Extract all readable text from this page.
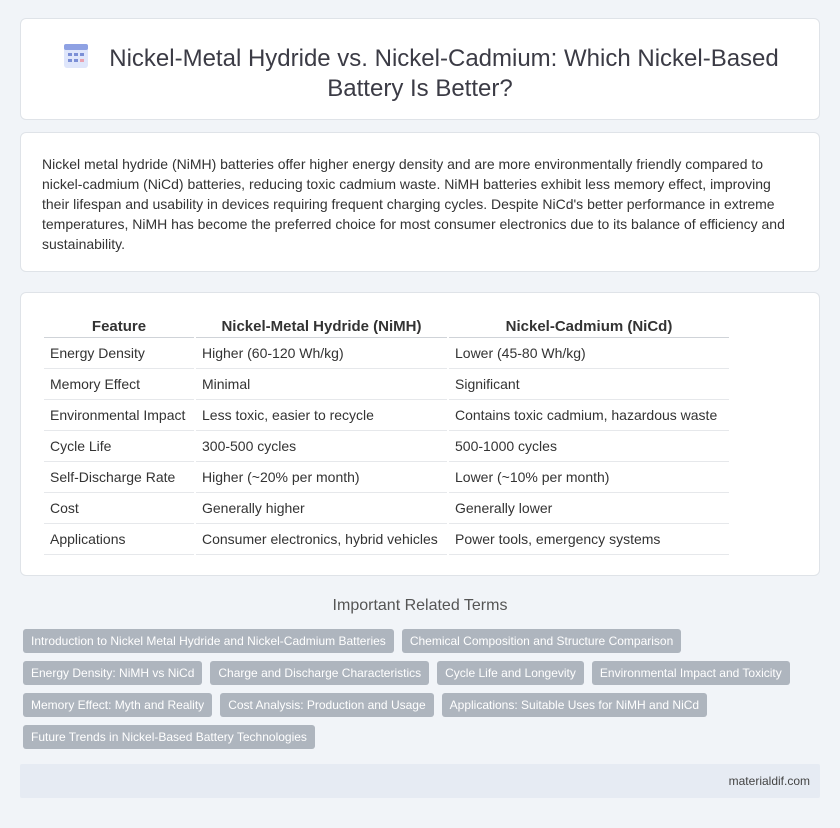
Nickel-Metal Hydride vs. Nickel-Cadmium: Which Nickel-Based Battery Is Better?

Nickel metal hydride (NiMH) batteries offer higher energy density and are more environmentally friendly compared to nickel-cadmium (NiCd) batteries, reducing toxic cadmium waste. NiMH batteries exhibit less memory effect, improving their lifespan and usability in devices requiring frequent charging cycles. Despite NiCd's better performance in extreme temperatures, NiMH has become the preferred choice for most consumer electronics due to its balance of efficiency and sustainability.

Feature	Nickel-Metal Hydride (NiMH)	Nickel-Cadmium (NiCd)
Energy Density	Higher (60-120 Wh/kg)	Lower (45-80 Wh/kg)
Memory Effect	Minimal	Significant
Environmental Impact	Less toxic, easier to recycle	Contains toxic cadmium, hazardous waste
Cycle Life	300-500 cycles	500-1000 cycles
Self-Discharge Rate	Higher (~20% per month)	Lower (~10% per month)
Cost	Generally higher	Generally lower
Applications	Consumer electronics, hybrid vehicles	Power tools, emergency systems
Important Related Terms
Introduction to Nickel Metal Hydride and Nickel-Cadmium Batteries	Chemical Composition and Structure Comparison
Energy Density: NiMH vs NiCd	Charge and Discharge Characteristics	Cycle Life and Longevity	Environmental Impact and Toxicity
Memory Effect: Myth and Reality	Cost Analysis: Production and Usage	Applications: Suitable Uses for NiMH and NiCd
Future Trends in Nickel-Based Battery Technologies
materialdif.com
